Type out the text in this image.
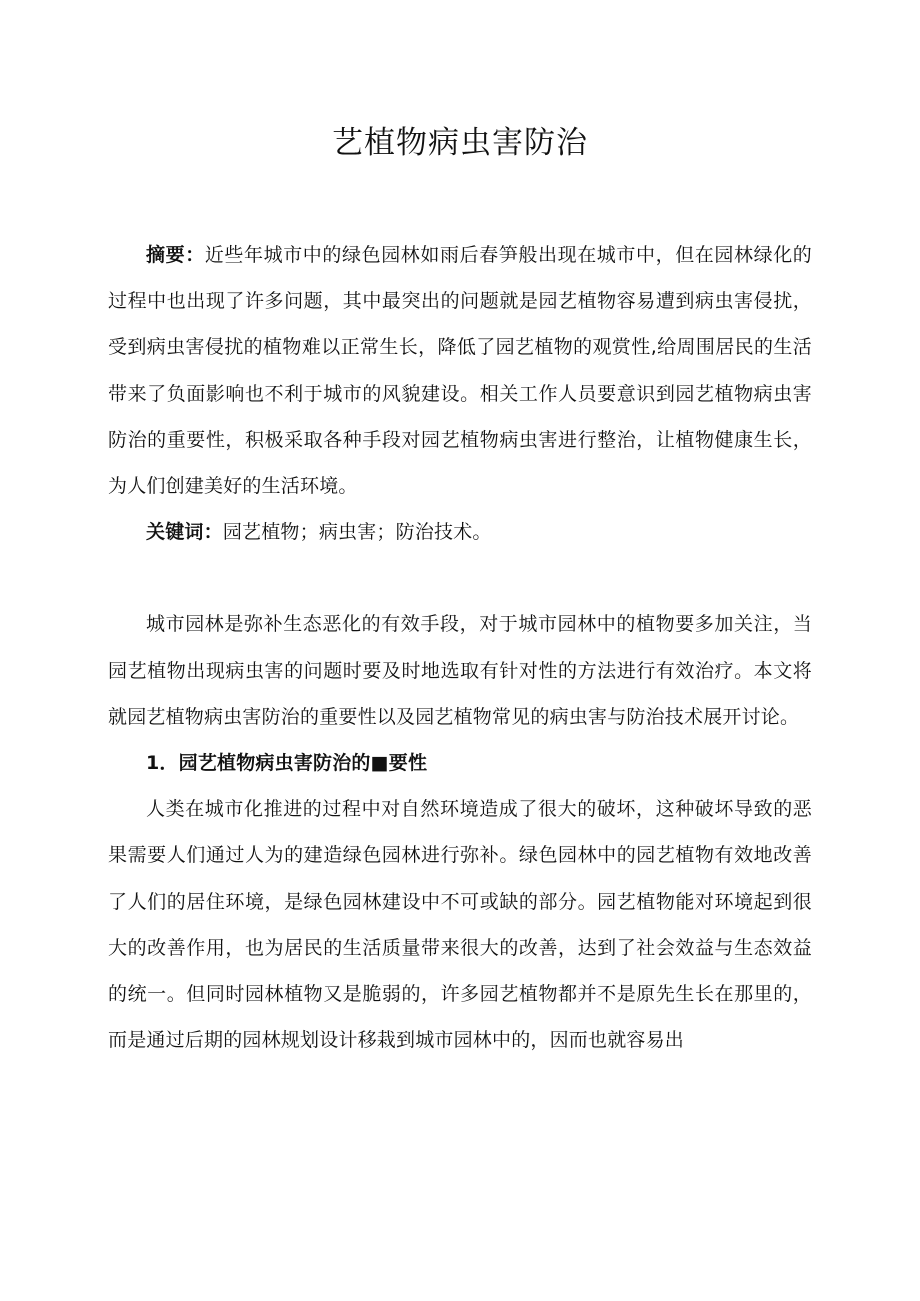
艺植物病虫害防治

摘要：近些年城市中的绿色园林如雨后春笋般出现在城市中，但在园林绿化的过程中也出现了许多问题，其中最突出的问题就是园艺植物容易遭到病虫害侵扰，受到病虫害侵扰的植物难以正常生长，降低了园艺植物的观赏性,给周围居民的生活带来了负面影响也不利于城市的风貌建设。相关工作人员要意识到园艺植物病虫害防治的重要性，积极采取各种手段对园艺植物病虫害进行整治，让植物健康生长，为人们创建美好的生活环境。

关键词：园艺植物；病虫害；防治技术。

城市园林是弥补生态恶化的有效手段，对于城市园林中的植物要多加关注，当园艺植物出现病虫害的问题时要及时地选取有针对性的方法进行有效治疗。本文将就园艺植物病虫害防治的重要性以及园艺植物常见的病虫害与防治技术展开讨论。

1．园艺植物病虫害防治的■要性

人类在城市化推进的过程中对自然环境造成了很大的破坏，这种破坏导致的恶果需要人们通过人为的建造绿色园林进行弥补。绿色园林中的园艺植物有效地改善了人们的居住环境，是绿色园林建设中不可或缺的部分。园艺植物能对环境起到很大的改善作用，也为居民的生活质量带来很大的改善，达到了社会效益与生态效益的统一。但同时园林植物又是脆弱的，许多园艺植物都并不是原先生长在那里的，而是通过后期的园林规划设计移栽到城市园林中的，因而也就容易出
